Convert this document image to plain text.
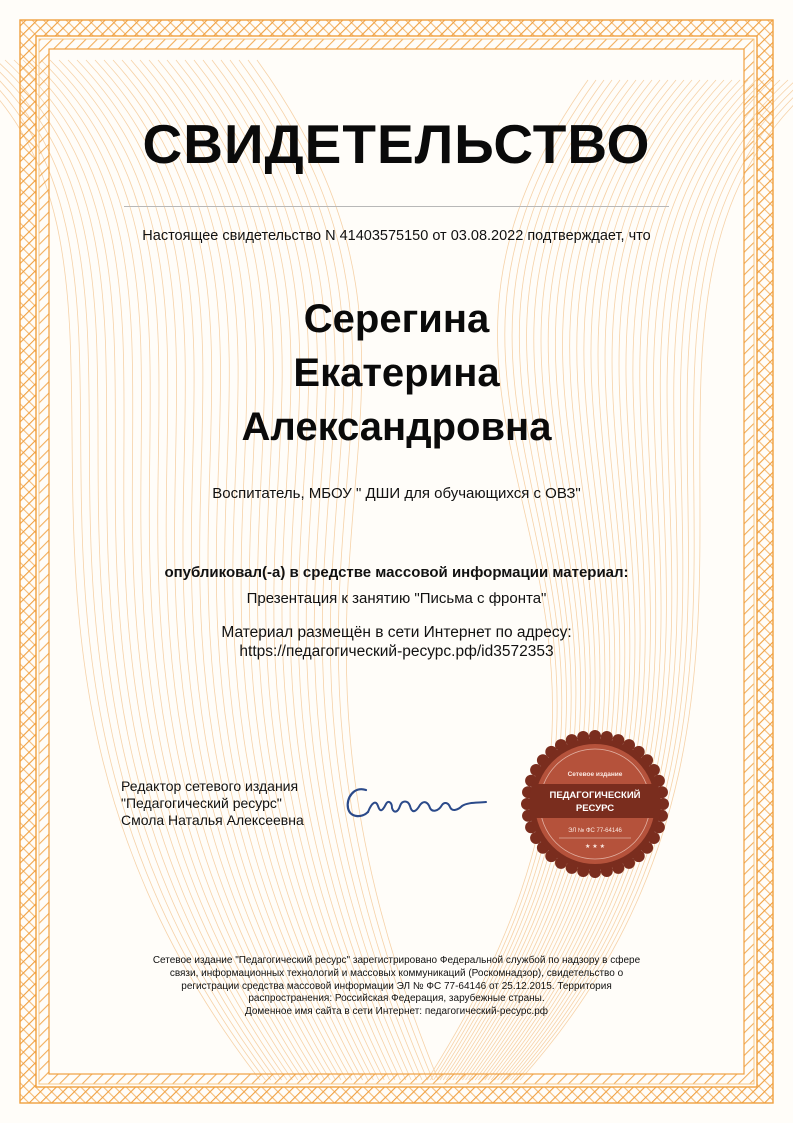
СВИДЕТЕЛЬСТВО
Настоящее свидетельство N 41403575150 от 03.08.2022 подтверждает, что
Серегина
Екатерина
Александровна
Воспитатель, МБОУ " ДШИ для обучающихся с ОВЗ"
опубликовал(-а) в средстве массовой информации материал:
Презентация к занятию "Письма с фронта"
Материал размещён в сети Интернет по адресу:
https://педагогический-ресурс.рф/id3572353
Редактор сетевого издания
"Педагогический ресурс"
Смола Наталья Алексеевна
Сетевое издание
ПЕДАГОГИЧЕСКИЙ
РЕСУРС
ЭЛ № ФС 77-64146
★ ★ ★
Сетевое издание "Педагогический ресурс" зарегистрировано Федеральной службой по надзору в сфере
связи, информационных технологий и массовых коммуникаций (Роскомнадзор), свидетельство о
регистрации средства массовой информации ЭЛ № ФС 77-64146 от 25.12.2015. Территория
распространения: Российская Федерация, зарубежные страны.
Доменное имя сайта в сети Интернет: педагогический-ресурс.рф
